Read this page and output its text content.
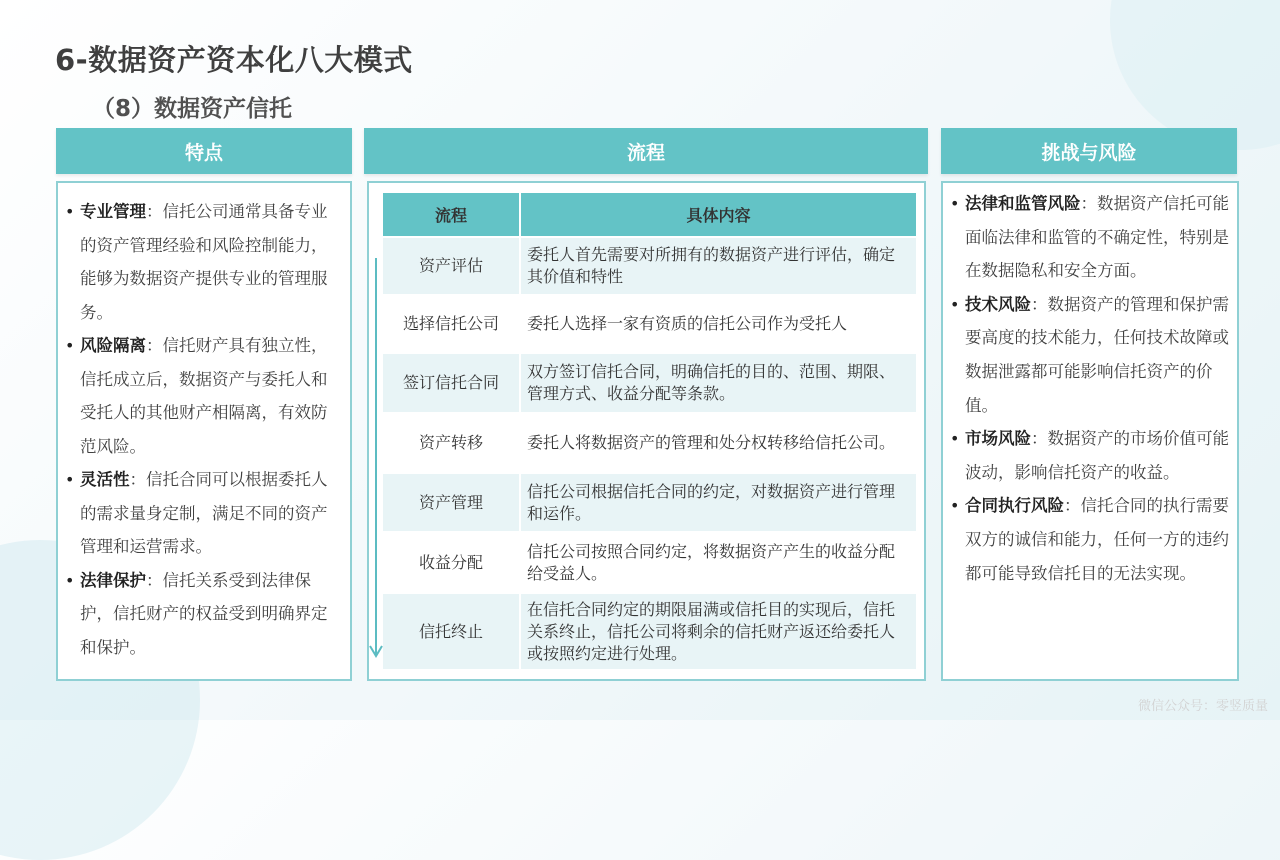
6-数据资产资本化八大模式
（8）数据资产信托
特点
• 专业管理：信托公司通常具备专业的资产管理经验和风险控制能力，能够为数据资产提供专业的管理服务。
• 风险隔离：信托财产具有独立性，信托成立后，数据资产与委托人和受托人的其他财产相隔离，有效防范风险。
• 灵活性：信托合同可以根据委托人的需求量身定制，满足不同的资产管理和运营需求。
• 法律保护：信托关系受到法律保护，信托财产的权益受到明确界定和保护。
流程
流程	具体内容
资产评估	委托人首先需要对所拥有的数据资产进行评估，确定其价值和特性
选择信托公司	委托人选择一家有资质的信托公司作为受托人
签订信托合同	双方签订信托合同，明确信托的目的、范围、期限、管理方式、收益分配等条款。
资产转移	委托人将数据资产的管理和处分权转移给信托公司。
资产管理	信托公司根据信托合同的约定，对数据资产进行管理和运作。
收益分配	信托公司按照合同约定，将数据资产产生的收益分配给受益人。
信托终止	在信托合同约定的期限届满或信托目的实现后，信托关系终止，信托公司将剩余的信托财产返还给委托人或按照约定进行处理。
挑战与风险
• 法律和监管风险：数据资产信托可能面临法律和监管的不确定性，特别是在数据隐私和安全方面。
• 技术风险：数据资产的管理和保护需要高度的技术能力，任何技术故障或数据泄露都可能影响信托资产的价值。
• 市场风险：数据资产的市场价值可能波动，影响信托资产的收益。
• 合同执行风险：信托合同的执行需要双方的诚信和能力，任何一方的违约都可能导致信托目的无法实现。
微信公众号：零竖质量
